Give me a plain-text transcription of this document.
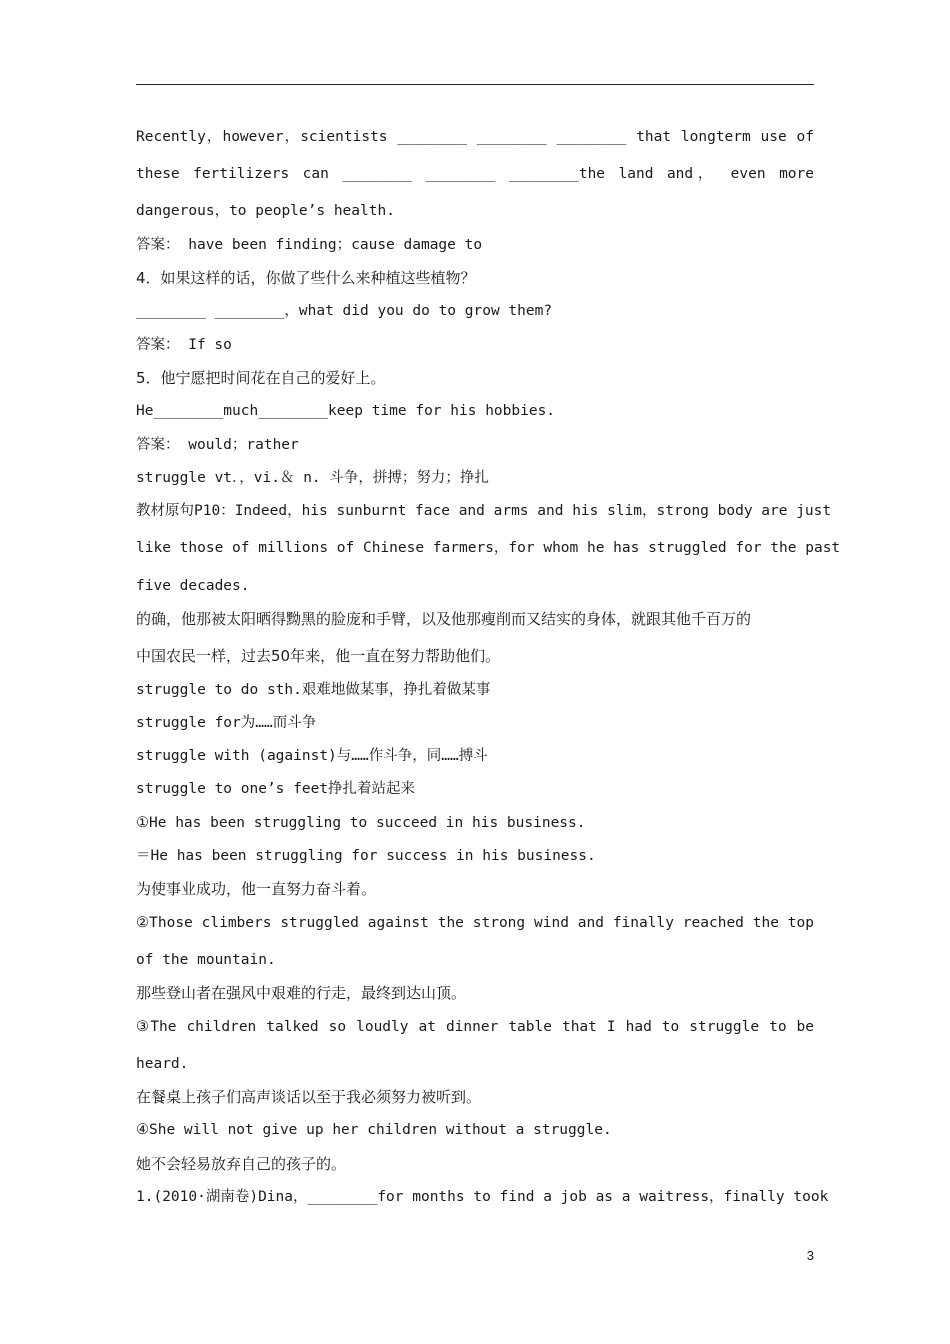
Recently，however，scientists ________ ________ ________ that longterm use of
these fertilizers can ________ ________ ________the land and， even more
dangerous，to people’s health.
答案： have been finding；cause damage to
4．如果这样的话，你做了些什么来种植这些植物？
________ ________，what did you do to grow them?
答案： If so
5．他宁愿把时间花在自己的爱好上。
He________much________keep time for his hobbies.
答案： would；rather
struggle vt．，vi.＆ n. 斗争，拼搏；努力；挣扎
教材原句P10：Indeed，his sunburnt face and arms and his slim，strong body are just
like those of millions of Chinese farmers，for whom he has struggled for the past
five decades.
的确，他那被太阳晒得黝黑的脸庞和手臂，以及他那瘦削而又结实的身体，就跟其他千百万的
中国农民一样，过去50年来，他一直在努力帮助他们。
struggle to do sth.艰难地做某事，挣扎着做某事
struggle for为……而斗争
struggle with (against)与……作斗争，同……搏斗
struggle to one’s feet挣扎着站起来
①He has been struggling to succeed in his business.
＝He has been struggling for success in his business.
为使事业成功，他一直努力奋斗着。
②Those climbers struggled against the strong wind and finally reached the top
of the mountain.
那些登山者在强风中艰难的行走，最终到达山顶。
③The children talked so loudly at dinner table that I had to struggle to be
heard.
在餐桌上孩子们高声谈话以至于我必须努力被听到。
④She will not give up her children without a struggle.
她不会轻易放弃自己的孩子的。
1.(2010·湖南卷)Dina，________for months to find a job as a waitress，finally took
3
